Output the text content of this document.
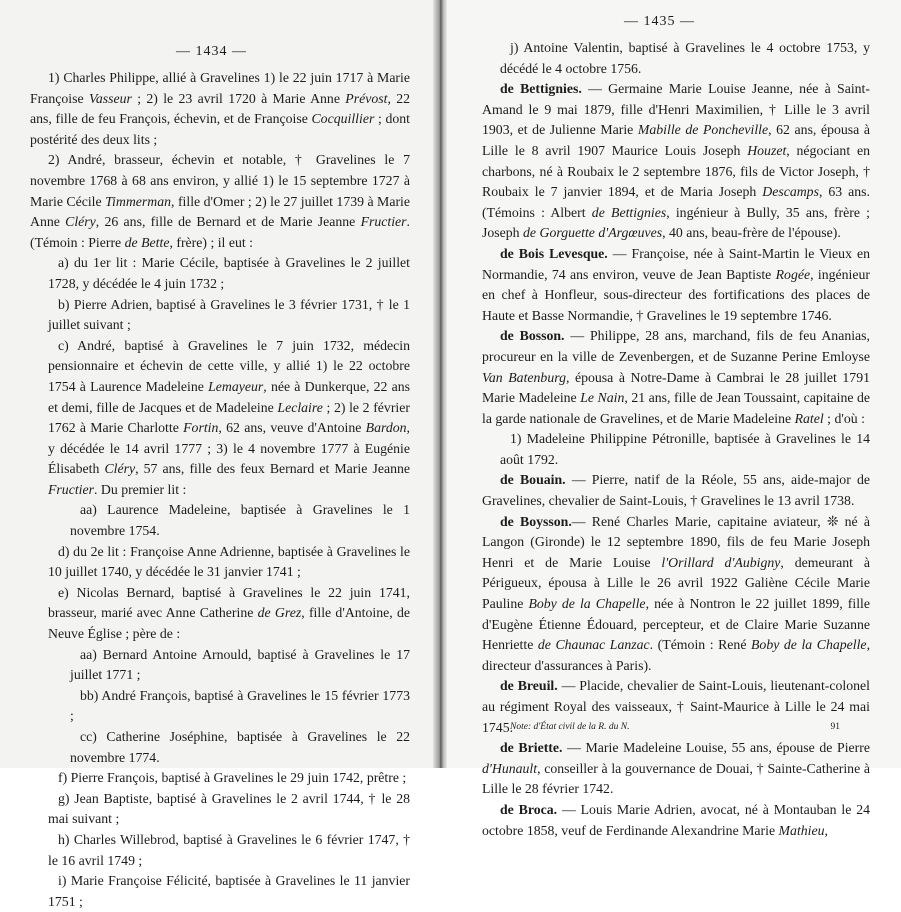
— 1434 —

1) Charles Philippe, allié à Gravelines 1) le 22 juin 1717 à Marie Françoise Vasseur ; 2) le 23 avril 1720 à Marie Anne Prévost, 22 ans, fille de feu François, échevin, et de Françoise Cocquillier ; dont postérité des deux lits ;

2) André, brasseur, échevin et notable, † Gravelines le 7 novembre 1768 à 68 ans environ, y allié 1) le 15 septembre 1727 à Marie Cécile Timmerman, fille d'Omer ; 2) le 27 juillet 1739 à Marie Anne Cléry, 26 ans, fille de Bernard et de Marie Jeanne Fructier. (Témoin : Pierre de Bette, frère) ; il eut :

a) du 1er lit : Marie Cécile, baptisée à Gravelines le 2 juillet 1728, y décédée le 4 juin 1732 ;

b) Pierre Adrien, baptisé à Gravelines le 3 février 1731, † le 1 juillet suivant ;

c) André, baptisé à Gravelines le 7 juin 1732, médecin pensionnaire et échevin de cette ville, y allié 1) le 22 octobre 1754 à Laurence Madeleine Lemayeur, née à Dunkerque, 22 ans et demi, fille de Jacques et de Madeleine Leclaire ; 2) le 2 février 1762 à Marie Charlotte Fortin, 62 ans, veuve d'Antoine Bardon, y décédée le 14 avril 1777 ; 3) le 4 novembre 1777 à Eugénie Élisabeth Cléry, 57 ans, fille des feux Bernard et Marie Jeanne Fructier. Du premier lit :

aa) Laurence Madeleine, baptisée à Gravelines le 1 novembre 1754.

d) du 2e lit : Françoise Anne Adrienne, baptisée à Gravelines le 10 juillet 1740, y décédée le 31 janvier 1741 ;

e) Nicolas Bernard, baptisé à Gravelines le 22 juin 1741, brasseur, marié avec Anne Catherine de Grez, fille d'Antoine, de Neuve Église ; père de :

aa) Bernard Antoine Arnould, baptisé à Gravelines le 17 juillet 1771 ;

bb) André François, baptisé à Gravelines le 15 février 1773 ;

cc) Catherine Joséphine, baptisée à Gravelines le 22 novembre 1774.

f) Pierre François, baptisé à Gravelines le 29 juin 1742, prêtre ;

g) Jean Baptiste, baptisé à Gravelines le 2 avril 1744, † le 28 mai suivant ;

h) Charles Willebrod, baptisé à Gravelines le 6 février 1747, † le 16 avril 1749 ;

i) Marie Françoise Félicité, baptisée à Gravelines le 11 janvier 1751 ;

— 1435 —

j) Antoine Valentin, baptisé à Gravelines le 4 octobre 1753, y décédé le 4 octobre 1756.

de Bettignies. — Germaine Marie Louise Jeanne, née à Saint-Amand le 9 mai 1879, fille d'Henri Maximilien, † Lille le 3 avril 1903, et de Julienne Marie Mabille de Poncheville, 62 ans, épousa à Lille le 8 avril 1907 Maurice Louis Joseph Houzet, négociant en charbons, né à Roubaix le 2 septembre 1876, fils de Victor Joseph, † Roubaix le 7 janvier 1894, et de Maria Joseph Descamps, 63 ans. (Témoins : Albert de Bettignies, ingénieur à Bully, 35 ans, frère ; Joseph de Gorguette d'Argœuves, 40 ans, beau-frère de l'épouse).

de Bois Levesque. — Françoise, née à Saint-Martin le Vieux en Normandie, 74 ans environ, veuve de Jean Baptiste Rogée, ingénieur en chef à Honfleur, sous-directeur des fortifications des places de Haute et Basse Normandie, † Gravelines le 19 septembre 1746.

de Bosson. — Philippe, 28 ans, marchand, fils de feu Ananias, procureur en la ville de Zevenbergen, et de Suzanne Perine Emloyse Van Batenburg, épousa à Notre-Dame à Cambrai le 28 juillet 1791 Marie Madeleine Le Nain, 21 ans, fille de Jean Toussaint, capitaine de la garde nationale de Gravelines, et de Marie Madeleine Ratel ; d'où :

1) Madeleine Philippine Pétronille, baptisée à Gravelines le 14 août 1792.

de Bouain. — Pierre, natif de la Réole, 55 ans, aide-major de Gravelines, chevalier de Saint-Louis, † Gravelines le 13 avril 1738.

de Boysson.— René Charles Marie, capitaine aviateur, ❊ né à Langon (Gironde) le 12 septembre 1890, fils de feu Marie Joseph Henri et de Marie Louise l'Orillard d'Aubigny, demeurant à Périgueux, épousa à Lille le 26 avril 1922 Galiène Cécile Marie Pauline Boby de la Chapelle, née à Nontron le 22 juillet 1899, fille d'Eugène Étienne Édouard, percepteur, et de Claire Marie Suzanne Henriette de Chaunac Lanzac. (Témoin : René Boby de la Chapelle, directeur d'assurances à Paris).

de Breuil. — Placide, chevalier de Saint-Louis, lieutenant-colonel au régiment Royal des vaisseaux, † Saint-Maurice à Lille le 24 mai 1745.

de Briette. — Marie Madeleine Louise, 55 ans, épouse de Pierre d'Hunault, conseiller à la gouvernance de Douai, † Sainte-Catherine à Lille le 28 février 1742.

de Broca. — Louis Marie Adrien, avocat, né à Montauban le 24 octobre 1858, veuf de Ferdinande Alexandrine Marie Mathieu,

Note: d'État civil de la R. du N.	91
